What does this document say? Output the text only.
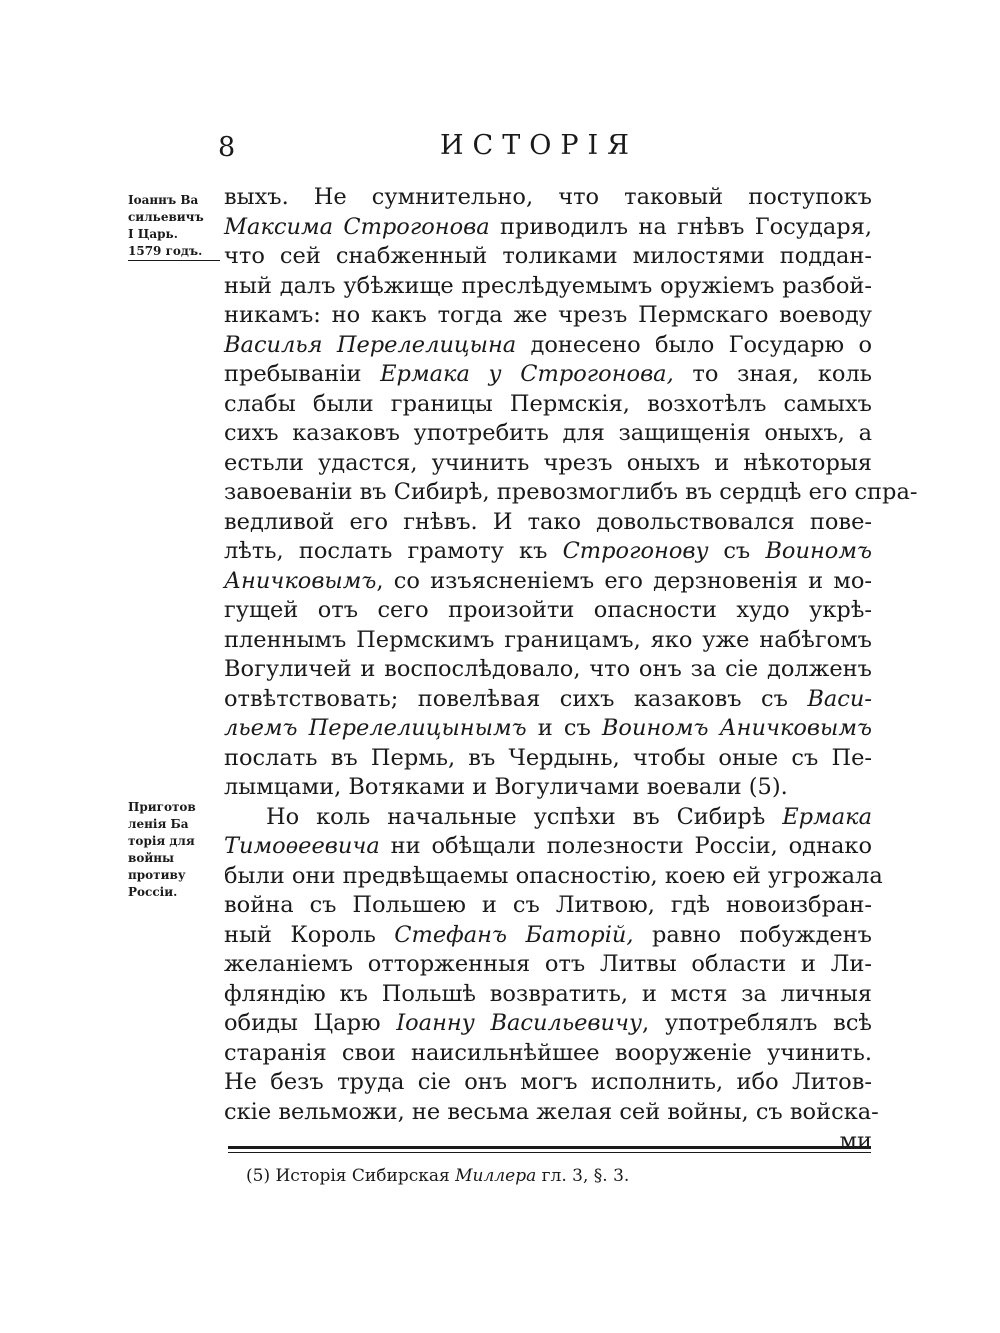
8	ИСТОРIЯ
Iоаннъ Ва
сильевичъ
I Царь.
1579 годъ.
Приготов
ленiя Ба
торiя для
войны
противу
Россiи.
выхъ. Не сумнительно, что таковый поступокъ
Максима Строгонова приводилъ на гнѣвъ Государя,
что сей снабженный толиками милостями поддан-
ный далъ убѣжище преслѣдуемымъ оружiемъ разбой-
никамъ: но какъ тогда же чрезъ Пермскаго воеводу
Василья Перелелицына донесено было Государю о
пребыванiи Ермака у Строгонова, то зная, коль
слабы были границы Пермскiя, возхотѣлъ самыхъ
сихъ казаковъ употребить для защищенiя оныхъ, а
естьли удастся, учинить чрезъ оныхъ и нѣкоторыя
завоеванiи въ Сибирѣ, превозмоглибъ въ сердцѣ его спра-
ведливой его гнѣвъ. И тако довольствовался повe-
лѣть, послать грамоту къ Строгоновy съ Воиномъ
Аничковымъ, со изъясненiемъ его дерзновенiя и мо-
гущей отъ сего произойти опасности худо укрѣ-
пленнымъ Пермскимъ границамъ, яко уже набѣгомъ
Вогуличей и воспослѣдовало, что онъ за сiе долженъ
отвѣтствовать; повелѣвая сихъ казаковъ съ Васи-
льемъ Перелелицынымъ и съ Воиномъ Аничковымъ
послать въ Пермь, въ Чердынь, чтобы оные съ Пе-
лымцами, Вотяками и Вогуличами воевали (5).
Но коль начальные успѣхи въ Сибирѣ Ермака
Тимоѳеевича ни обѣщали полезности Россiи, однако
были они предвѣщаемы опасностiю, коею ей угрожала
война съ Польшею и съ Литвою, гдѣ новоизбран-
ный Король Стефанъ Баторiй, равно побужденъ
желанiемъ отторженныя отъ Литвы области и Ли-
фляндiю къ Польшѣ возвратить, и мстя за личныя
обиды Царю Iоанну Васильевичу, употреблялъ всѣ
старанiя свои наисильнѣйшее вооруженiе учинить.
Не безъ труда сiе онъ могъ исполнить, ибо Литов-
скiе вельможи, не весьма желая сей войны, съ войска-
ми
(5) Исторiя Сибирская Миллера гл. 3, §. 3.
